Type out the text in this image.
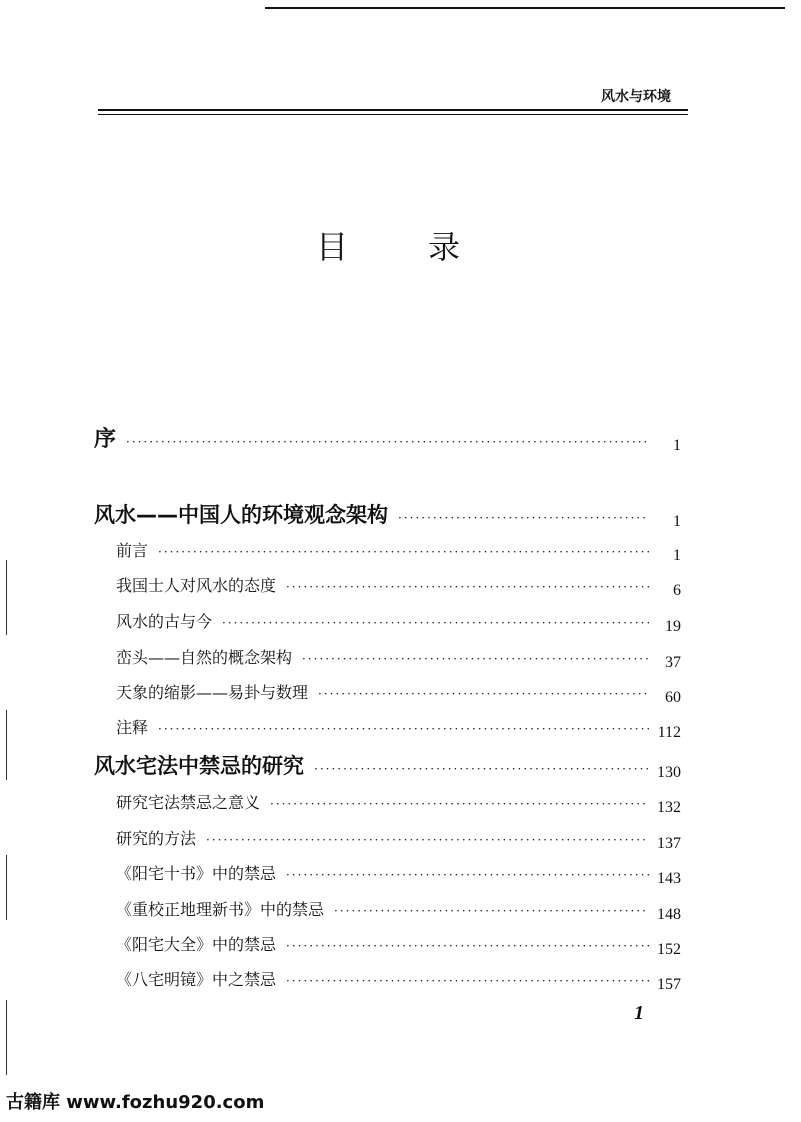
风水与环境
目录
序 ·····	1
风水——中国人的环境观念架构 ·····	1
前言 ·····	1
我国士人对风水的态度 ·····	6
风水的古与今 ·····	19
峦头——自然的概念架构 ·····	37
天象的缩影——易卦与数理 ·····	60
注释 ·····	112
风水宅法中禁忌的研究 ·····	130
研究宅法禁忌之意义 ·····	132
研究的方法 ·····	137
《阳宅十书》中的禁忌 ·····	143
《重校正地理新书》中的禁忌 ·····	148
《阳宅大全》中的禁忌 ·····	152
《八宅明镜》中之禁忌 ·····	157
1
古籍库 www.fozhu920.com
